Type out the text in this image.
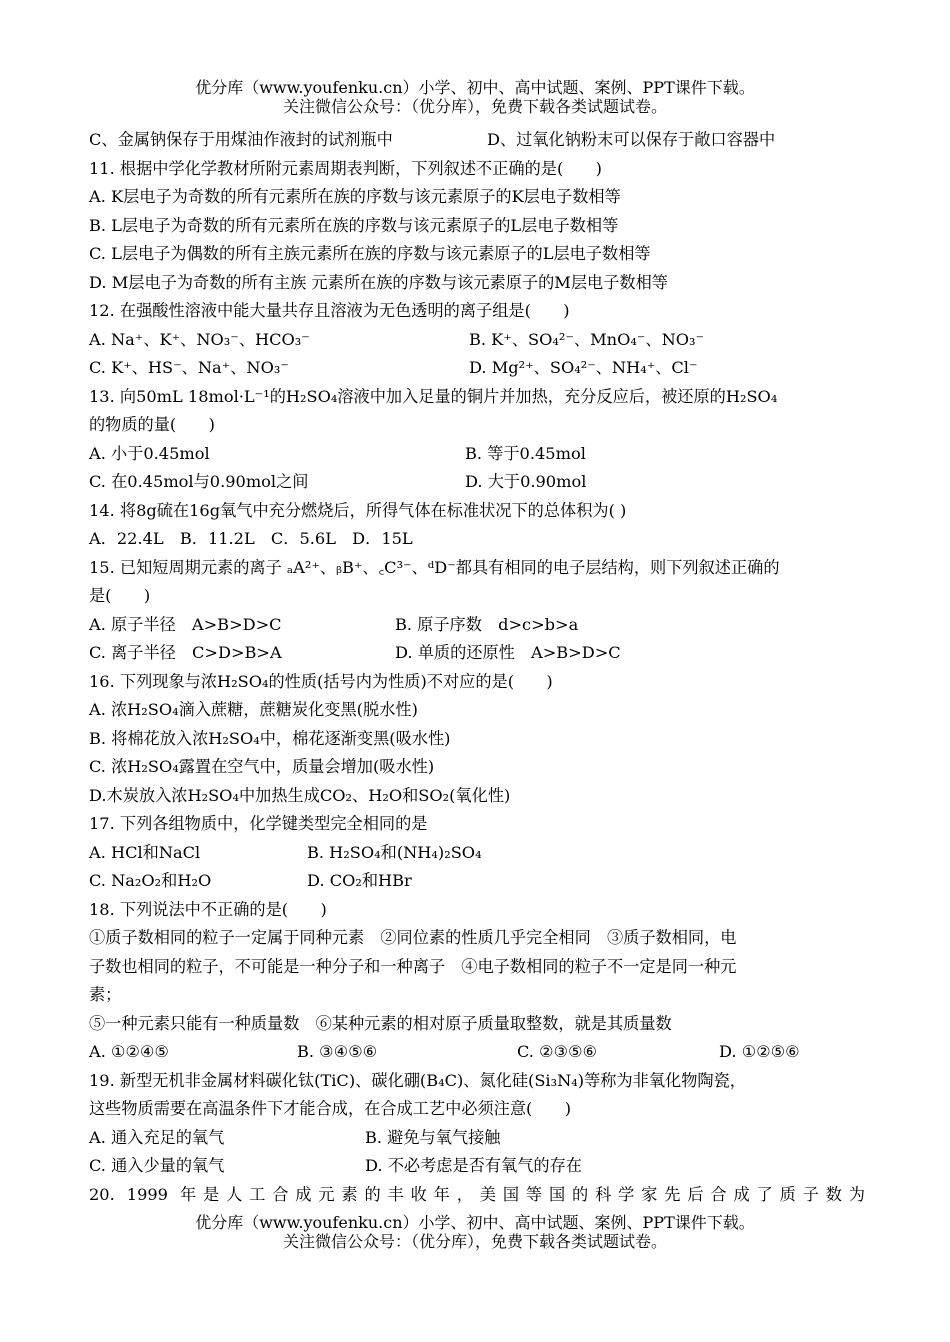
优分库（www.youfenku.cn）小学、初中、高中试题、案例、PPT课件下载。
关注微信公众号：（优分库），免费下载各类试题试卷。
C、金属钠保存于用煤油作液封的试剂瓶中	D、过氧化钠粉末可以保存于敞口容器中
11. 根据中学化学教材所附元素周期表判断，下列叙述不正确的是(　　)
A. K层电子为奇数的所有元素所在族的序数与该元素原子的K层电子数相等
B. L层电子为奇数的所有元素所在族的序数与该元素原子的L层电子数相等
C. L层电子为偶数的所有主族元素所在族的序数与该元素原子的L层电子数相等
D. M层电子为奇数的所有主族 元素所在族的序数与该元素原子的M层电子数相等
12. 在强酸性溶液中能大量共存且溶液为无色透明的离子组是(　　)
A. Na⁺、K⁺、NO₃⁻、HCO₃⁻	B. K⁺、SO₄²⁻、MnO₄⁻、NO₃⁻
C. K⁺、HS⁻、Na⁺、NO₃⁻	D. Mg²⁺、SO₄²⁻、NH₄⁺、Cl⁻
13. 向50mL 18mol·L⁻¹的H₂SO₄溶液中加入足量的铜片并加热，充分反应后，被还原的H₂SO₄
的物质的量(　　)
A. 小于0.45mol	B. 等于0.45mol
C. 在0.45mol与0.90mol之间	D. 大于0.90mol
14. 将8g硫在16g氧气中充分燃烧后，所得气体在标准状况下的总体积为( )
A．22.4L　B．11.2L　C．5.6L　D．15L
15. 已知短周期元素的离子 ₐA²⁺、ᵦB⁺、꜀C³⁻、ᵈD⁻都具有相同的电子层结构，则下列叙述正确的
是(　　)
A. 原子半径　A>B>D>C	B. 原子序数　d>c>b>a
C. 离子半径　C>D>B>A	D. 单质的还原性　A>B>D>C
16. 下列现象与浓H₂SO₄的性质(括号内为性质)不对应的是(　　)
A. 浓H₂SO₄滴入蔗糖，蔗糖炭化变黑(脱水性)
B. 将棉花放入浓H₂SO₄中，棉花逐渐变黑(吸水性)
C. 浓H₂SO₄露置在空气中，质量会增加(吸水性)
D.木炭放入浓H₂SO₄中加热生成CO₂、H₂O和SO₂(氧化性)
17. 下列各组物质中，化学键类型完全相同的是
A. HCl和NaCl	B. H₂SO₄和(NH₄)₂SO₄
C. Na₂O₂和H₂O	D. CO₂和HBr
18. 下列说法中不正确的是(　　)
①质子数相同的粒子一定属于同种元素　②同位素的性质几乎完全相同　③质子数相同，电
子数也相同的粒子，不可能是一种分子和一种离子　④电子数相同的粒子不一定是同一种元
素；
⑤一种元素只能有一种质量数　⑥某种元素的相对原子质量取整数，就是其质量数
A. ①②④⑤	B. ③④⑤⑥	C. ②③⑤⑥	D. ①②⑤⑥
19. 新型无机非金属材料碳化钛(TiC)、碳化硼(B₄C)、氮化硅(Si₃N₄)等称为非氧化物陶瓷，
这些物质需要在高温条件下才能合成，在合成工艺中必须注意(　　)
A. 通入充足的氧气	B. 避免与氧气接触
C. 通入少量的氧气	D. 不必考虑是否有氧气的存在
20. 1999 年是人工合成元素的丰收年，美国等国的科学家先后合成了质子数为
优分库（www.youfenku.cn）小学、初中、高中试题、案例、PPT课件下载。
关注微信公众号：（优分库），免费下载各类试题试卷。
